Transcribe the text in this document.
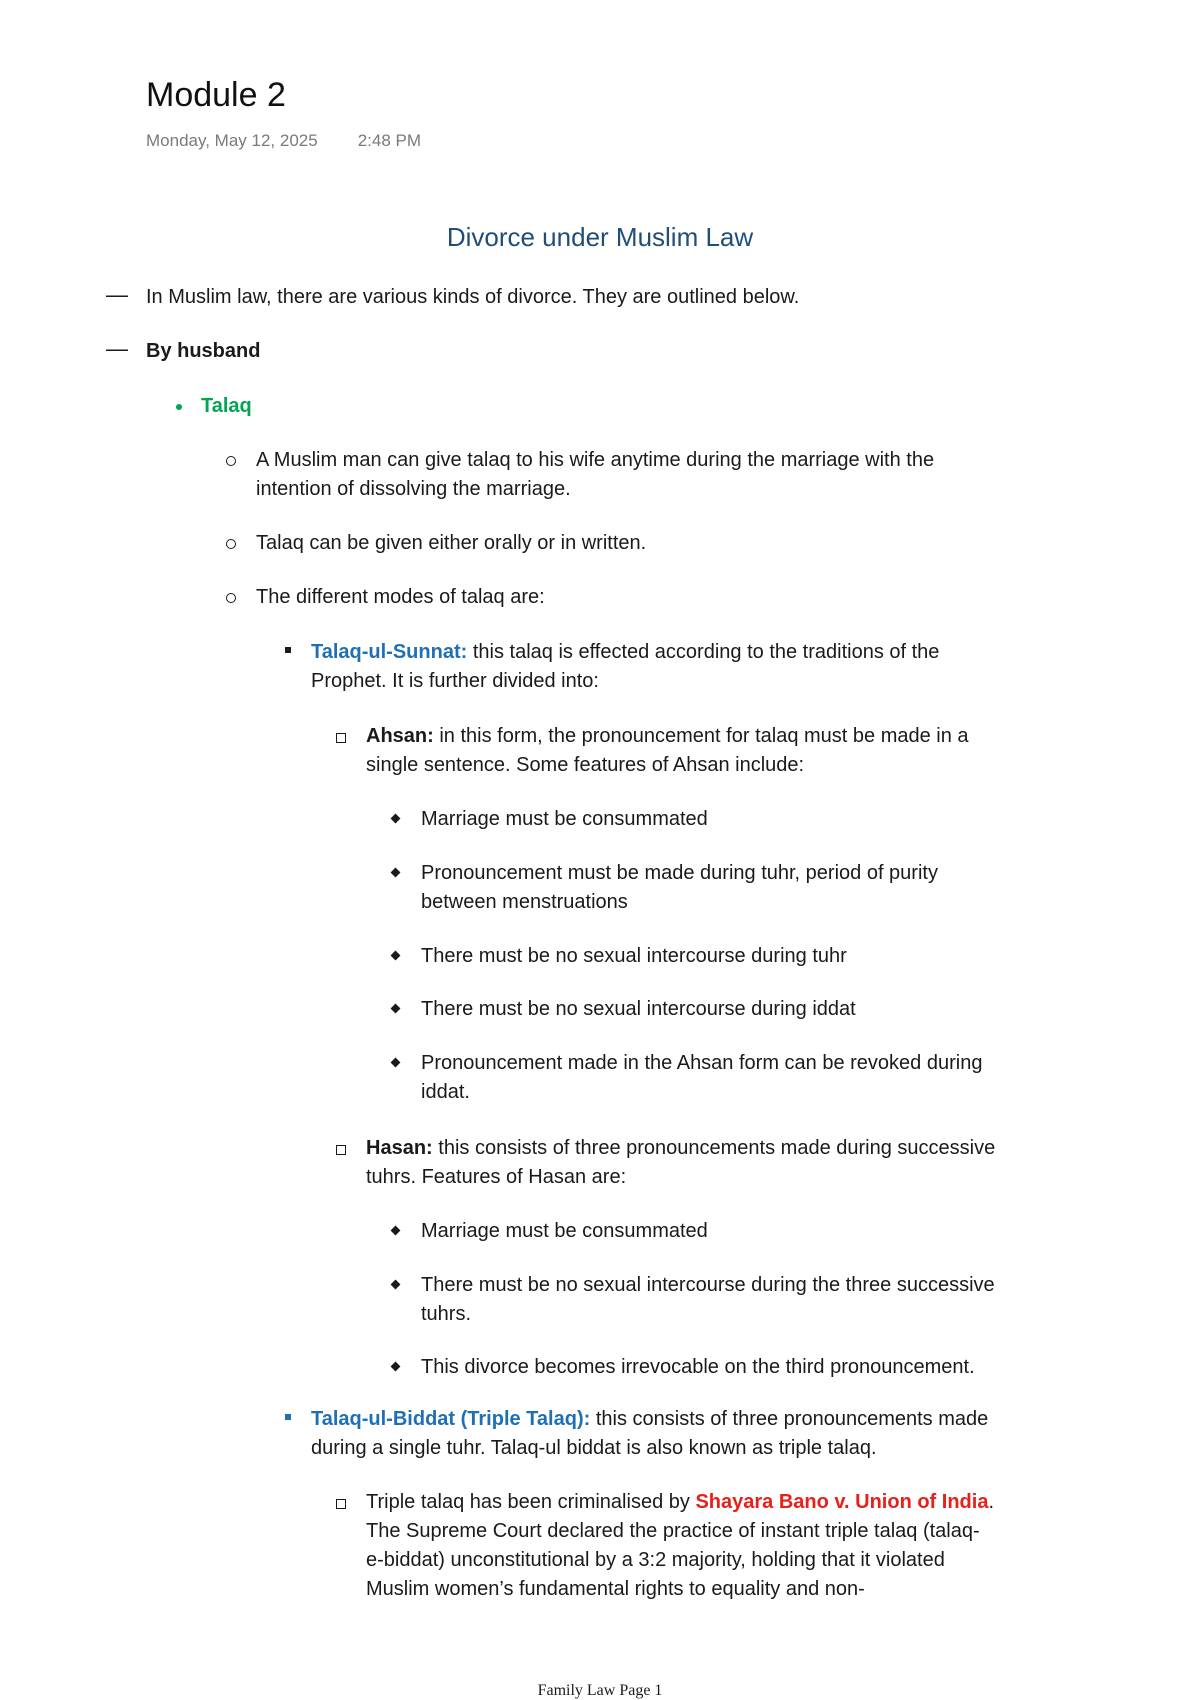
Module 2
Monday, May 12, 2025 2:48 PM
Divorce under Muslim Law
— In Muslim law, there are various kinds of divorce. They are outlined below.
— By husband
Talaq
A Muslim man can give talaq to his wife anytime during the marriage with the
intention of dissolving the marriage.
Talaq can be given either orally or in written.
The different modes of talaq are:
Talaq-ul-Sunnat: this talaq is effected according to the traditions of the
Prophet. It is further divided into:
Ahsan: in this form, the pronouncement for talaq must be made in a
single sentence. Some features of Ahsan include:
Marriage must be consummated
Pronouncement must be made during tuhr, period of purity
between menstruations
There must be no sexual intercourse during tuhr
There must be no sexual intercourse during iddat
Pronouncement made in the Ahsan form can be revoked during
iddat.
Hasan: this consists of three pronouncements made during successive
tuhrs. Features of Hasan are:
Marriage must be consummated
There must be no sexual intercourse during the three successive
tuhrs.
This divorce becomes irrevocable on the third pronouncement.
Talaq-ul-Biddat (Triple Talaq): this consists of three pronouncements made
during a single tuhr. Talaq-ul biddat is also known as triple talaq.
Triple talaq has been criminalised by Shayara Bano v. Union of India.
The Supreme Court declared the practice of instant triple talaq (talaq-
e-biddat) unconstitutional by a 3:2 majority, holding that it violated
Muslim women’s fundamental rights to equality and non-
Family Law Page 1
